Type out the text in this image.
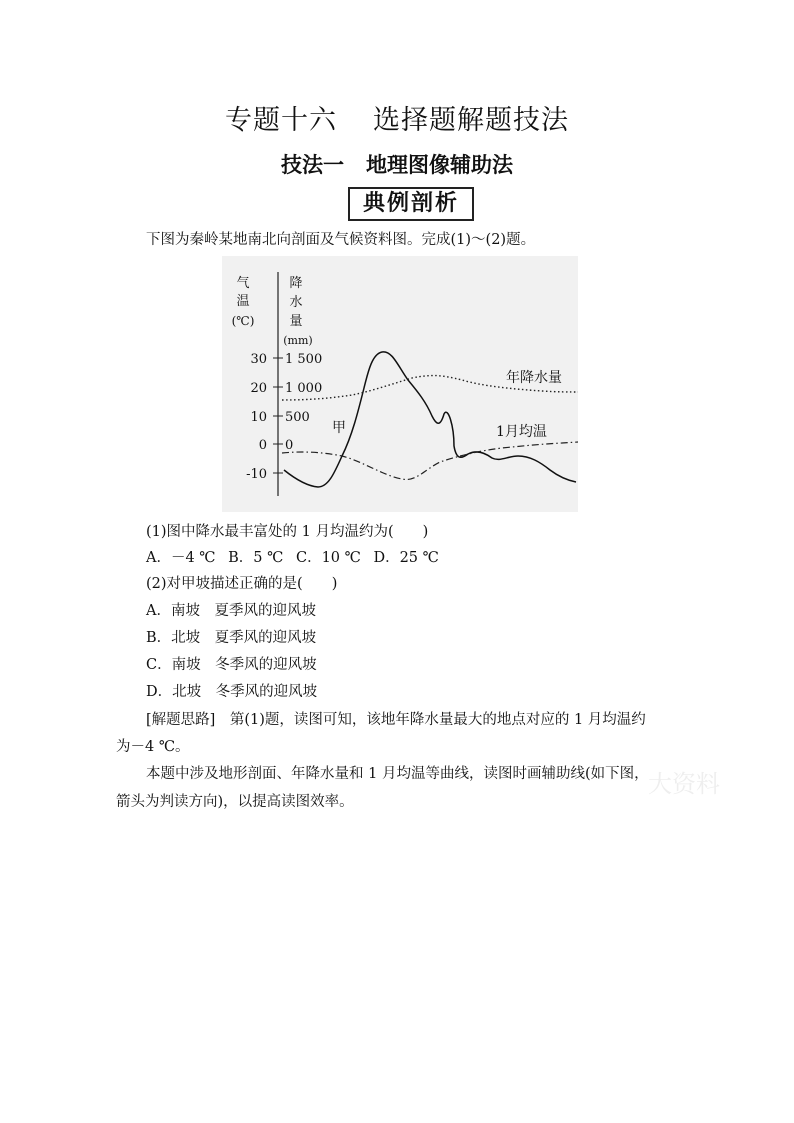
专题十六 选择题解题技法
技法一 地理图像辅助法
典例剖析
下图为秦岭某地南北向剖面及气候资料图。完成(1)～(2)题。
气
温
(℃)
降
水
量
(mm)
30
20
10
0
-10
1 500
1 000
500
0
年降水量
1月均温
甲
(1)图中降水最丰富处的 1 月均温约为(　　)
A．－4 ℃ B．5 ℃ C．10 ℃ D．25 ℃
(2)对甲坡描述正确的是(　　)
A．南坡　夏季风的迎风坡
B．北坡　夏季风的迎风坡
C．南坡　冬季风的迎风坡
D．北坡　冬季风的迎风坡
[解题思路]　第(1)题，读图可知，该地年降水量最大的地点对应的 1 月均温约
为－4 ℃。
本题中涉及地形剖面、年降水量和 1 月均温等曲线，读图时画辅助线(如下图，
箭头为判读方向)，以提高读图效率。
大资料
